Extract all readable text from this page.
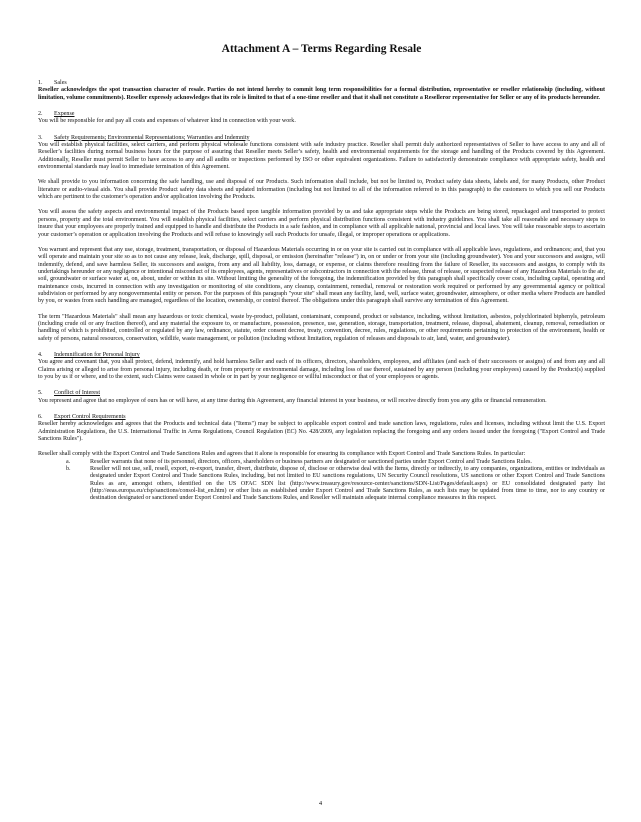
Attachment A – Terms Regarding Resale

1. Sales

Reseller acknowledges the spot transaction character of resale. Parties do not intend hereby to commit long term responsibilities for a formal distribution, representative or reseller relationship (including, without limitation, volume commitments). Reseller expressly acknowledges that its role is limited to that of a one-time reseller and that it shall not constitute a Reselleror representative for Seller or any of its products hereunder.

2. Expense

You will be responsible for and pay all costs and expenses of whatever kind in connection with your work.

3. Safety Requirements; Environmental Representations; Warranties and Indemnity

You will establish physical facilities, select carriers, and perform physical wholesale functions consistent with safe industry practice. Reseller shall permit duly authorized representatives of Seller to have access to any and all of Reseller’s facilities during normal business hours for the purpose of assuring that Reseller meets Seller’s safety, health and environmental requirements for the storage and handling of the Products covered by this Agreement. Additionally, Reseller must permit Seller to have access to any and all audits or inspections performed by ISO or other equivalent organizations. Failure to satisfactorily demonstrate compliance with appropriate safety, health and environmental standards may lead to immediate termination of this Agreement.

We shall provide to you information concerning the safe handling, use and disposal of our Products. Such information shall include, but not be limited to, Product safety data sheets, labels and, for many Products, other Product literature or audio-visual aids. You shall provide Product safety data sheets and updated information (including but not limited to all of the information referred to in this paragraph) to the customers to which you sell our Products which are pertinent to the customer’s operation and/or application involving the Products.

You will assess the safety aspects and environmental impact of the Products based upon tangible information provided by us and take appropriate steps while the Products are being stored, repackaged and transported to protect persons, property and the total environment. You will establish physical facilities, select carriers and perform physical distribution functions consistent with industry guidelines. You shall take all reasonable and necessary steps to insure that your employees are properly trained and equipped to handle and distribute the Products in a safe fashion, and in compliance with all applicable national, provincial and local laws. You will take reasonable steps to ascertain your customer’s operation or application involving the Products and will refuse to knowingly sell such Products for unsafe, illegal, or improper operations or applications.

You warrant and represent that any use, storage, treatment, transportation, or disposal of Hazardous Materials occurring in or on your site is carried out in compliance with all applicable laws, regulations, and ordinances; and, that you will operate and maintain your site so as to not cause any release, leak, discharge, spill, disposal, or emission (hereinafter "release") in, on or under or from your site (including groundwater). You and your successors and assigns, will indemnify, defend, and save harmless Seller, its successors and assigns, from any and all liability, loss, damage, or expense, or claims therefore resulting from the failure of Reseller, its successors and assigns, to comply with its undertakings hereunder or any negligence or intentional misconduct of its employees, agents, representatives or subcontractors in connection with the release, threat of release, or suspected release of any Hazardous Materials to the air, soil, groundwater or surface water at, on, about, under or within its site. Without limiting the generality of the foregoing, the indemnification provided by this paragraph shall specifically cover costs, including capital, operating and maintenance costs, incurred in connection with any investigation or monitoring of site conditions, any cleanup, containment, remedial, removal or restoration work required or performed by any governmental agency or political subdivision or performed by any nongovernmental entity or person. For the purposes of this paragraph "your site" shall mean any facility, land, well, surface water, groundwater, atmosphere, or other media where Products are handled by you, or wastes from such handling are managed, regardless of the location, ownership, or control thereof. The obligations under this paragraph shall survive any termination of this Agreement.

The term "Hazardous Materials" shall mean any hazardous or toxic chemical, waste by-product, pollutant, contaminant, compound, product or substance, including, without limitation, asbestos, polychlorinated biphenyls, petroleum (including crude oil or any fraction thereof), and any material the exposure to, or manufacture, possession, presence, use, generation, storage, transportation, treatment, release, disposal, abatement, cleanup, removal, remediation or handling of which is prohibited, controlled or regulated by any law, ordinance, statute, order consent decree, treaty, convention, decree, rules, regulations, or other requirements pertaining to protection of the environment, health or safety of persons, natural resources, conservation, wildlife, waste management, or pollution (including without limitation, regulation of releases and disposals to air, land, water, and groundwater).

4. Indemnification for Personal Injury

You agree and covenant that, you shall protect, defend, indemnify, and hold harmless Seller and each of its officers, directors, shareholders, employees, and affiliates (and each of their successors or assigns) of and from any and all Claims arising or alleged to arise from personal injury, including death, or from property or environmental damage, including loss of use thereof, sustained by any person (including your employees) caused by the Product(s) supplied to you by us if or where, and to the extent, such Claims were caused in whole or in part by your negligence or willful misconduct or that of your employees or agents.

5. Conflict of Interest

You represent and agree that no employee of ours has or will have, at any time during this Agreement, any financial interest in your business, or will receive directly from you any gifts or financial remuneration.

6. Export Control Requirements

Reseller hereby acknowledges and agrees that the Products and technical data ("Items") may be subject to applicable export control and trade sanction laws, regulations, rules and licenses, including without limit the U.S. Export Administration Regulations, the U.S. International Traffic in Arms Regulations, Council Regulation (EC) No. 428/2009, any legislation replacing the foregoing and any orders issued under the foregoing ("Export Control and Trade Sanctions Rules").

Reseller shall comply with the Export Control and Trade Sanctions Rules and agrees that it alone is responsible for ensuring its compliance with Export Control and Trade Sanctions Rules. In particular:

a.	Reseller warrants that none of its personnel, directors, officers, shareholders or business partners are designated or sanctioned parties under Export Control and Trade Sanctions Rules.
b.	Reseller will not use, sell, resell, export, re-export, transfer, divert, distribute, dispose of, disclose or otherwise deal with the Items, directly or indirectly, to any companies, organizations, entities or individuals as designated under Export Control and Trade Sanctions Rules, including, but not limited to EU sanctions regulations, UN Security Council resolutions, US sanctions or other Export Control and Trade Sanctions Rules as are, amongst others, identified on the US OFAC SDN list (http://www.treasury.gov/resource-center/sanctions/SDN-List/Pages/default.aspx) or EU consolidated designated party list (http://eeas.europa.eu/cfsp/sanctions/consol-list_en.htm) or other lists as established under Export Control and Trade Sanctions Rules, as such lists may be updated from time to time, nor to any country or destination designated or sanctioned under Export Control and Trade Sanctions Rules, and Reseller will maintain adequate internal compliance measures in this respect.
4
